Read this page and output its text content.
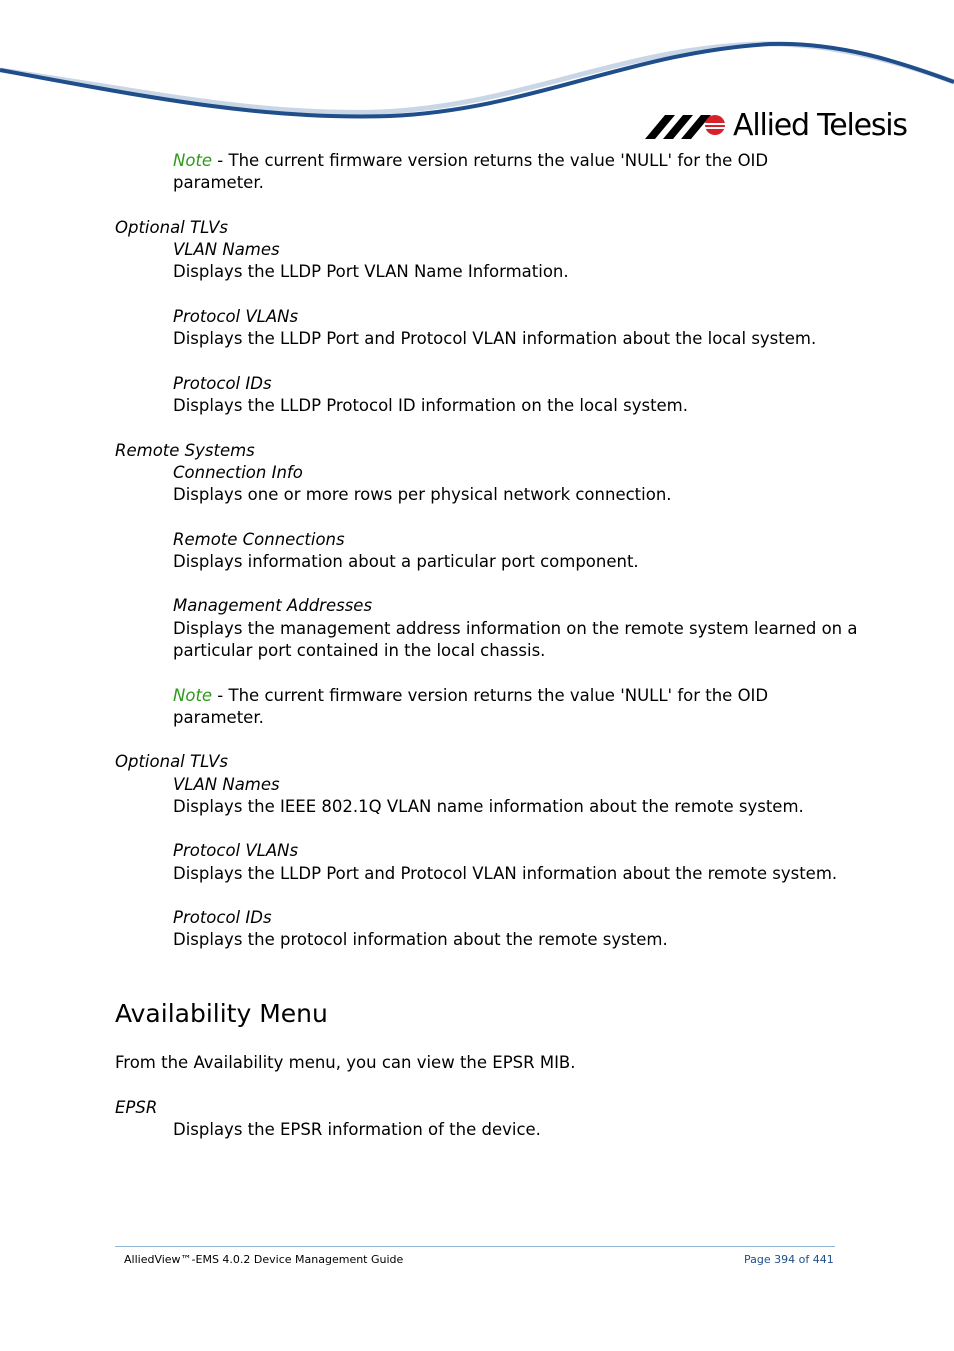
Allied Telesis
Note - The current firmware version returns the value 'NULL' for the OID
parameter.
Optional TLVs
VLAN Names
Displays the LLDP Port VLAN Name Information.
Protocol VLANs
Displays the LLDP Port and Protocol VLAN information about the local system.
Protocol IDs
Displays the LLDP Protocol ID information on the local system.
Remote Systems
Connection Info
Displays one or more rows per physical network connection.
Remote Connections
Displays information about a particular port component.
Management Addresses
Displays the management address information on the remote system learned on a
particular port contained in the local chassis.
Note - The current firmware version returns the value 'NULL' for the OID
parameter.
Optional TLVs
VLAN Names
Displays the IEEE 802.1Q VLAN name information about the remote system.
Protocol VLANs
Displays the LLDP Port and Protocol VLAN information about the remote system.
Protocol IDs
Displays the protocol information about the remote system.
Availability Menu
From the Availability menu, you can view the EPSR MIB.
EPSR
Displays the EPSR information of the device.
AlliedView™-EMS 4.0.2 Device Management Guide	Page 394 of 441
